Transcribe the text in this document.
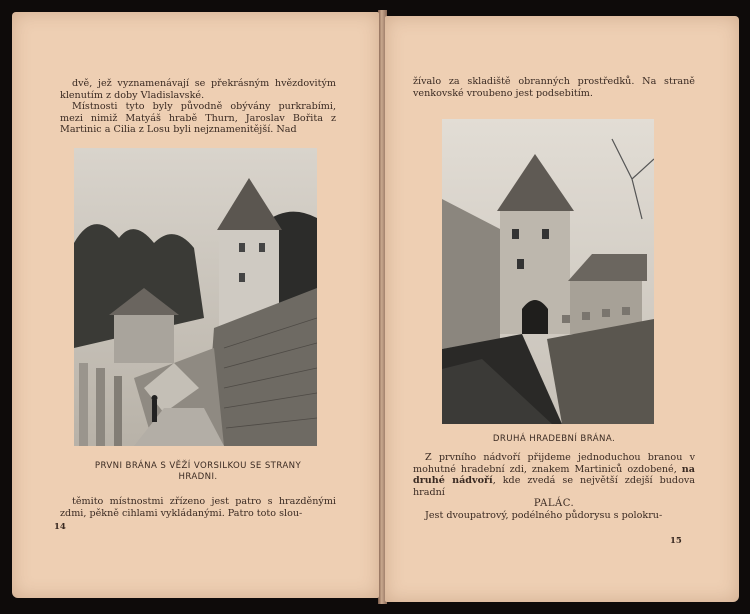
dvě, jež vyznamenávají se překrásným hvězdovitým klenutím z doby Vladislavské.

Místnosti tyto byly původně obývány purkrabími, mezi nimiž Matyáš hrabě Thurn, Jaroslav Bořita z Martinic a Cilia z Losu byli nejznamenitější. Nad

PRVNI BRÁNA S VĚŽÍ VORSILKOU SE STRANY
HRADNI.

těmito místnostmi zřízeno jest patro s hrazděnými zdmi, pěkně cihlami vykládanými. Patro toto slou-

14

žívalo za skladiště obranných prostředků. Na straně venkovské vroubeno jest podsebitím.

DRUHÁ HRADEBNÍ BRÁNA.

Z prvního nádvoří přijdeme jednoduchou branou v mohutné hradební zdi, znakem Martiniců ozdobené, na druhé nádvoří, kde zvedá se největší zdejší budova hradní

PALÁC.

Jest dvoupatrový, podélného půdorysu s polokru-

15
